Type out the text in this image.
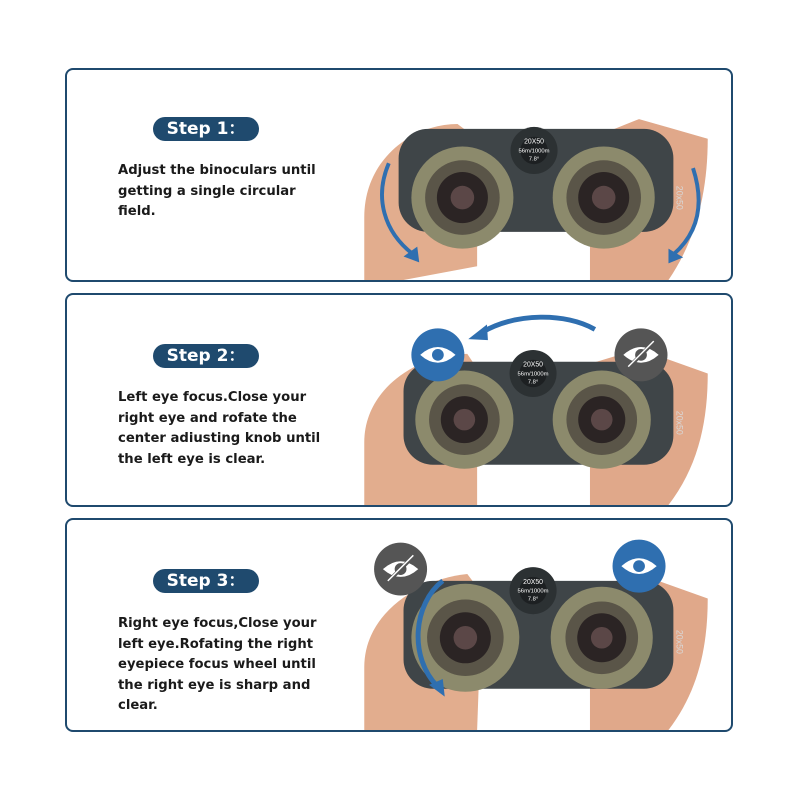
Step 1：
Adjust the binoculars until getting a single circular field.
20X50
56m/1000m
7.8°
20x50
Step 2：
Left eye focus.Close your right eye and rofate the center adiusting knob until the left eye is clear.
20X50
56m/1000m
7.8°
20x50
Step 3：
Right eye focus,Close your left eye.Rofating the right eyepiece focus wheel until the right eye is sharp and clear.
20X50
56m/1000m
7.8°
20x50
